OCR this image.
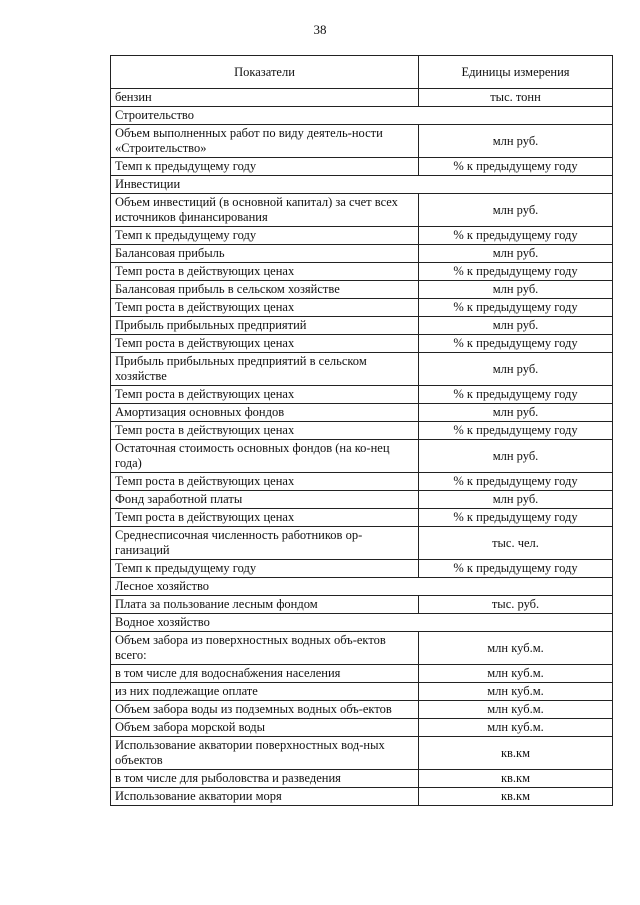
38
Показатели	Единицы измерения
бензин	тыс. тонн
Строительство	
Объем выполненных работ по виду деятель-ности «Строительство»	млн руб.
Темп к предыдущему году	% к предыдущему году
Инвестиции	
Объем инвестиций (в основной капитал) за счет всех источников финансирования	млн руб.
Темп к предыдущему году	% к предыдущему году
Балансовая прибыль	млн руб.
Темп роста в действующих ценах	% к предыдущему году
Балансовая прибыль в сельском хозяйстве	млн руб.
Темп роста в действующих ценах	% к предыдущему году
Прибыль прибыльных предприятий	млн руб.
Темп роста в действующих ценах	% к предыдущему году
Прибыль прибыльных предприятий в сельском хозяйстве	млн руб.
Темп роста в действующих ценах	% к предыдущему году
Амортизация основных фондов	млн руб.
Темп роста в действующих ценах	% к предыдущему году
Остаточная стоимость основных фондов (на ко-нец года)	млн руб.
Темп роста в действующих ценах	% к предыдущему году
Фонд заработной платы	млн руб.
Темп роста в действующих ценах	% к предыдущему году
Среднесписочная численность работников ор-ганизаций	тыс. чел.
Темп к предыдущему году	% к предыдущему году
Лесное хозяйство	
Плата за пользование лесным фондом	тыс. руб.
Водное хозяйство	
Объем забора из поверхностных водных объ-ектов всего:	млн куб.м.
в том числе для водоснабжения населения	млн куб.м.
из них подлежащие оплате	млн куб.м.
Объем забора воды из подземных водных объ-ектов	млн куб.м.
Объем забора морской воды	млн куб.м.
Использование акватории поверхностных вод-ных объектов	кв.км
в том числе для рыболовства и разведения	кв.км
Использование акватории моря	кв.км
